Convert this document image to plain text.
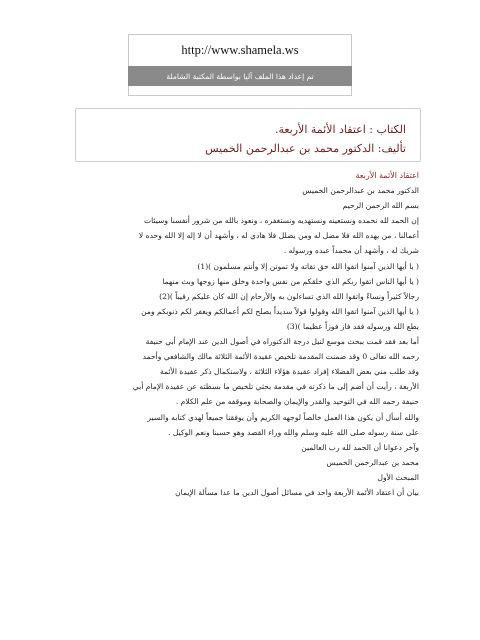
http://www.shamela.ws
تم إعداد هذا الملف آليا بواسطة المكتبة الشاملة
الكتاب : اعتقاد الأئمة الأربعة.
تأليف: الدكتور محمد بن عبدالرحمن الخميس
اعتقاد الأئمة الأربعة
الدكتور محمد بن عبدالرحمن الخميس
بسم الله الرحمن الرحيم
إن الحمد لله نحمده ونستعينه ونستهديه ونستغفره ، ونعوذ بالله من شرور أنفسنا وسيئات
أعمالنا ، من يهده الله فلا مضل له ومن يضلل فلا هادي له ، وأشهد أن لا إله إلا الله وحده لا
شريك له ، وأشهد أن محمداً عبده ورسوله .
( يا أيها الذين آمنوا اتقوا الله حق تقاته ولا تموتن إلا وأنتم مسلمون )(1)
( يا أيها الناس اتقوا ربكم الذي خلقكم من نفس واحدة وخلق منها زوجها وبث منهما
رجالاً كثيراً ونساءً واتقوا الله الذي تساءلون به والأرحام إن الله كان عليكم رقيباً )(2)
( يا أيها الذين آمنوا اتقوا الله وقولوا قولاً سديداً يصلح لكم أعمالكم ويغفر لكم ذنوبكم ومن
يطع الله ورسوله فقد فاز فوزاً عظيما )(3)
أما بعد فقد قمت ببحث موسع لنيل درجة الدكتوراه في أصول الدين عند الإمام أبي حنيفة
رحمه الله تعالى 0 وقد ضمنت المقدمة تلخيص عقيدة الأئمة الثلاثة مالك والشافعي وأحمد
وقد طلب مني بعض الفضلاء إفراد عقيدة هؤلاء الثلاثة ، ولاستكمال ذكر عقيدة الأئمة
الأربعة ، رأيت أن أضم إلى ما ذكرته في مقدمة بحثي تلخيص ما بسطته عن عقيدة الإمام أبي
حنيفة رحمه الله في التوحيد والقدر والإيمان والصحابة وموقفه من علم الكلام .
والله أسأل أن يكون هذا العمل خالصاً لوجهه الكريم وأن يوفقنا جميعاً لهدي كتابه والسير
على سنة رسوله صلى الله عليه وسلم والله وراء القصد وهو حسبنا ونعم الوكيل .
وآخر دعوانا أن الحمد لله رب العالمين
محمد بن عبدالرحمن الخميس
المبحث الأول
بيان أن اعتقاد الأئمة الأربعة واحد في مسائل أصول الدين ما عدا مسألة الإيمان
